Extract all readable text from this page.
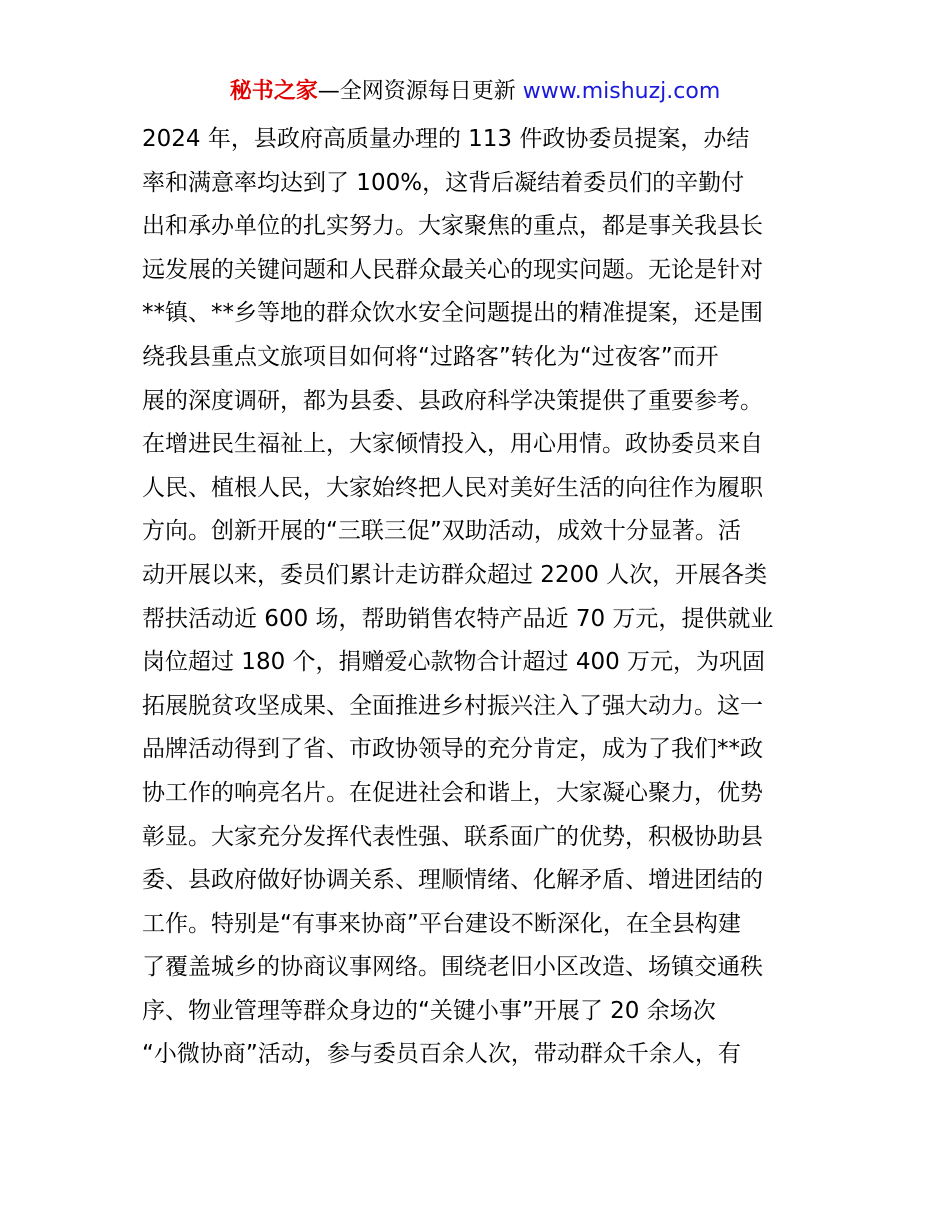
秘书之家—全网资源每日更新 www.mishuzj.com
2024 年，县政府高质量办理的 113 件政协委员提案，办结
率和满意率均达到了 100%，这背后凝结着委员们的辛勤付
出和承办单位的扎实努力。大家聚焦的重点，都是事关我县长
远发展的关键问题和人民群众最关心的现实问题。无论是针对
**镇、**乡等地的群众饮水安全问题提出的精准提案，还是围
绕我县重点文旅项目如何将“过路客”转化为“过夜客”而开
展的深度调研，都为县委、县政府科学决策提供了重要参考。
在增进民生福祉上，大家倾情投入，用心用情。政协委员来自
人民、植根人民，大家始终把人民对美好生活的向往作为履职
方向。创新开展的“三联三促”双助活动，成效十分显著。活
动开展以来，委员们累计走访群众超过 2200 人次，开展各类
帮扶活动近 600 场，帮助销售农特产品近 70 万元，提供就业
岗位超过 180 个，捐赠爱心款物合计超过 400 万元，为巩固
拓展脱贫攻坚成果、全面推进乡村振兴注入了强大动力。这一
品牌活动得到了省、市政协领导的充分肯定，成为了我们**政
协工作的响亮名片。在促进社会和谐上，大家凝心聚力，优势
彰显。大家充分发挥代表性强、联系面广的优势，积极协助县
委、县政府做好协调关系、理顺情绪、化解矛盾、增进团结的
工作。特别是“有事来协商”平台建设不断深化，在全县构建
了覆盖城乡的协商议事网络。围绕老旧小区改造、场镇交通秩
序、物业管理等群众身边的“关键小事”开展了 20 余场次
“小微协商”活动，参与委员百余人次，带动群众千余人，有
